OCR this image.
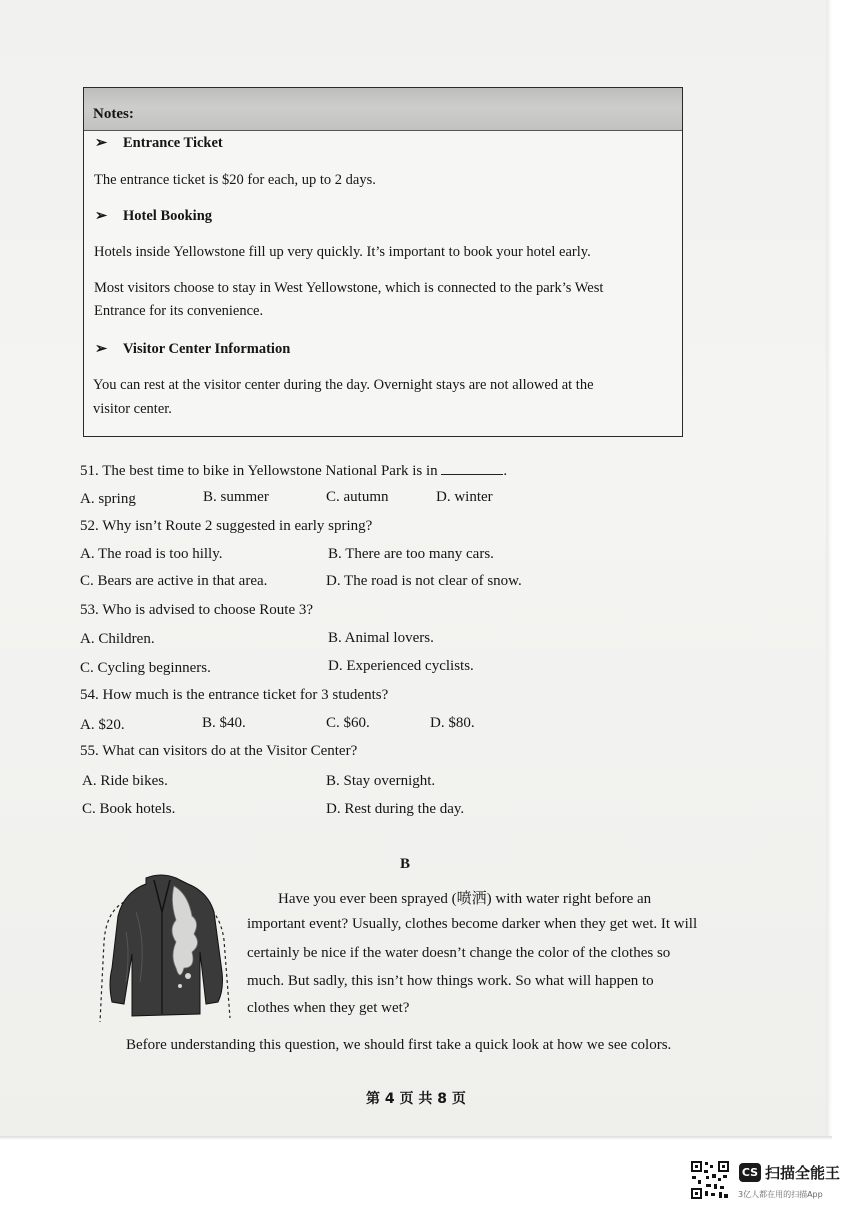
Notes:
➢ Entrance Ticket
The entrance ticket is $20 for each, up to 2 days.
➢ Hotel Booking
Hotels inside Yellowstone fill up very quickly. It’s important to book your hotel early.
Most visitors choose to stay in West Yellowstone, which is connected to the park’s West
Entrance for its convenience.
➢ Visitor Center Information
You can rest at the visitor center during the day. Overnight stays are not allowed at the
visitor center.
51. The best time to bike in Yellowstone National Park is in	.
A. spring	B. summer	C. autumn	D. winter
52. Why isn’t Route 2 suggested in early spring?
A. The road is too hilly.	B. There are too many cars.
C. Bears are active in that area.	D. The road is not clear of snow.
53. Who is advised to choose Route 3?
A. Children.	B. Animal lovers.
C. Cycling beginners.	D. Experienced cyclists.
54. How much is the entrance ticket for 3 students?
A. $20.	B. $40.	C. $60.	D. $80.
55. What can visitors do at the Visitor Center?
A. Ride bikes.	B. Stay overnight.
C. Book hotels.	D. Rest during the day.
B
Have you ever been sprayed (喷洒) with water right before an
important event? Usually, clothes become darker when they get wet. It will
certainly be nice if the water doesn’t change the color of the clothes so
much. But sadly, this isn’t how things work. So what will happen to
clothes when they get wet?
Before understanding this question, we should first take a quick look at how we see colors.
第 4 页 共 8 页
CS 扫描全能王
3亿人都在用的扫描App
